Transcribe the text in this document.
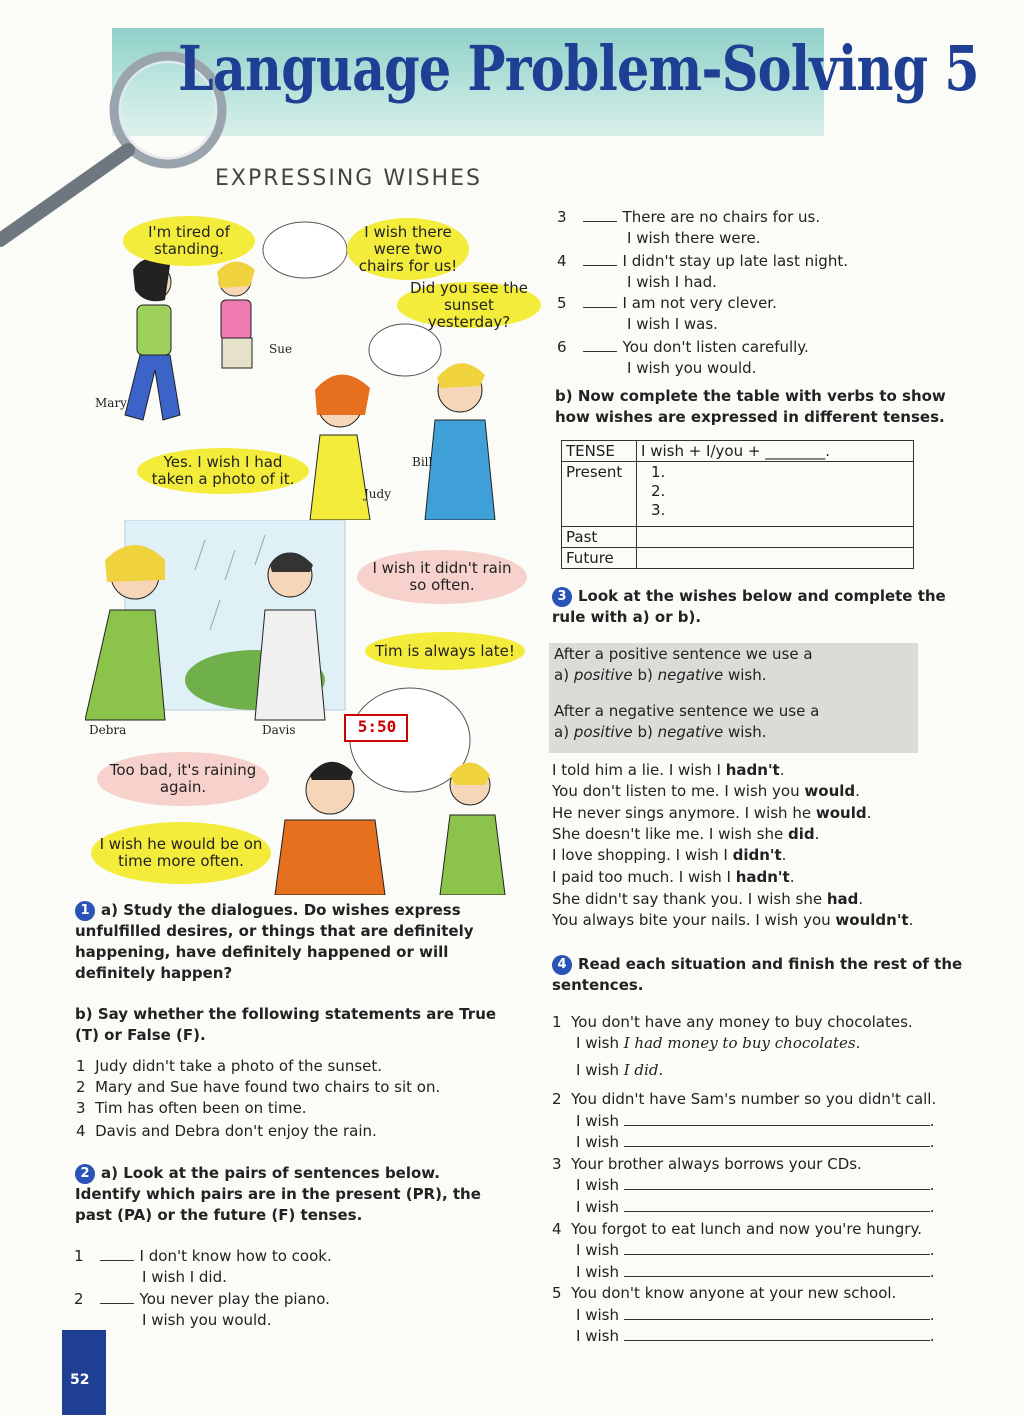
Language Problem-Solving 5
EXPRESSING WISHES
I'm tired of standing.
I wish there were two chairs for us!
Did you see the sunset yesterday?
Yes. I wish I had taken a photo of it.
Mary
Sue
Bill
Judy
5:50
I wish it didn't rain so often.
Tim is always late!
Too bad, it's raining again.
I wish he would be on time more often.
Debra	Davis
1 a) Study the dialogues. Do wishes express unfulfilled desires, or things that are definitely happening, have definitely happened or will definitely happen?
b) Say whether the following statements are True (T) or False (F).
1 Judy didn't take a photo of the sunset.
2 Mary and Sue have found two chairs to sit on.
3 Tim has often been on time.
4 Davis and Debra don't enjoy the rain.
2 a) Look at the pairs of sentences below. Identify which pairs are in the present (PR), the past (PA) or the future (F) tenses.
1	I don't know how to cook.
I wish I did.
2	You never play the piano.
I wish you would.
3	There are no chairs for us.
I wish there were.
4	I didn't stay up late last night.
I wish I had.
5	I am not very clever.
I wish I was.
6	You don't listen carefully.
I wish you would.
b) Now complete the table with verbs to show how wishes are expressed in different tenses.
TENSE	I wish + I/you + ________.
Present	1.
2.
3.

Past	
Future	
3 Look at the wishes below and complete the rule with a) or b).
After a positive sentence we use a
a) positive b) negative wish.
After a negative sentence we use a
a) positive b) negative wish.
I told him a lie. I wish I hadn't.
You don't listen to me. I wish you would.
He never sings anymore. I wish he would.
She doesn't like me. I wish she did.
I love shopping. I wish I didn't.
I paid too much. I wish I hadn't.
She didn't say thank you. I wish she had.
You always bite your nails. I wish you wouldn't.
4 Read each situation and finish the rest of the sentences.
1 You don't have any money to buy chocolates.
I wish I had money to buy chocolates.
I wish I did.
2 You didn't have Sam's number so you didn't call.
I wish	.
I wish	.
3 Your brother always borrows your CDs.
I wish	.
I wish	.
4 You forgot to eat lunch and now you're hungry.
I wish	.
I wish	.
5 You don't know anyone at your new school.
I wish	.
I wish	.
52
